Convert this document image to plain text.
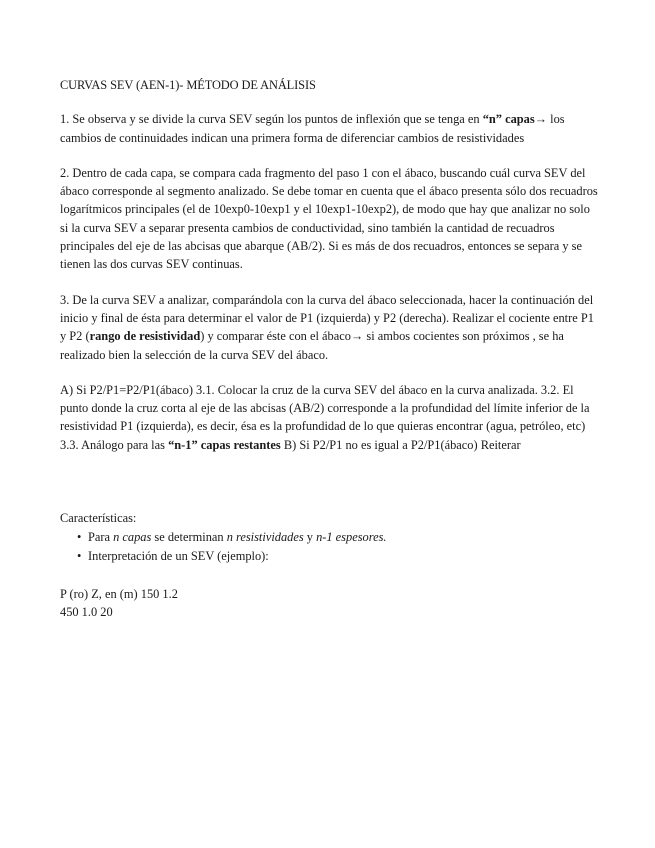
CURVAS SEV (AEN-1)- MÉTODO DE ANÁLISIS

1. Se observa y se divide la curva SEV según los puntos de inflexión que se tenga en “n” capas→ los cambios de continuidades indican una primera forma de diferenciar cambios de resistividades

2. Dentro de cada capa, se compara cada fragmento del paso 1 con el ábaco, buscando cuál curva SEV del ábaco corresponde al segmento analizado. Se debe tomar en cuenta que el ábaco presenta sólo dos recuadros logarítmicos principales (el de 10exp0-10exp1 y el 10exp1-10exp2), de modo que hay que analizar no solo si la curva SEV a separar presenta cambios de conductividad, sino también la cantidad de recuadros principales del eje de las abcisas que abarque (AB/2). Si es más de dos recuadros, entonces se separa y se tienen las dos curvas SEV continuas.

3. De la curva SEV a analizar, comparándola con la curva del ábaco seleccionada, hacer la continuación del inicio y final de ésta para determinar el valor de P1 (izquierda) y P2 (derecha). Realizar el cociente entre P1 y P2 (rango de resistividad) y comparar éste con el ábaco→ si ambos cocientes son próximos , se ha realizado bien la selección de la curva SEV del ábaco.

A) Si P2/P1=P2/P1(ábaco) 3.1. Colocar la cruz de la curva SEV del ábaco en la curva analizada. 3.2. El punto donde la cruz corta al eje de las abcisas (AB/2) corresponde a la profundidad del límite inferior de la resistividad P1 (izquierda), es decir, ésa es la profundidad de lo que quieras encontrar (agua, petróleo, etc) 3.3. Análogo para las “n-1” capas restantes B) Si P2/P1 no es igual a P2/P1(ábaco) Reiterar

Características:
• Para n capas se determinan n resistividades y n-1 espesores.
• Interpretación de un SEV (ejemplo):
P (ro) Z, en (m) 150 1.2
450 1.0 20
